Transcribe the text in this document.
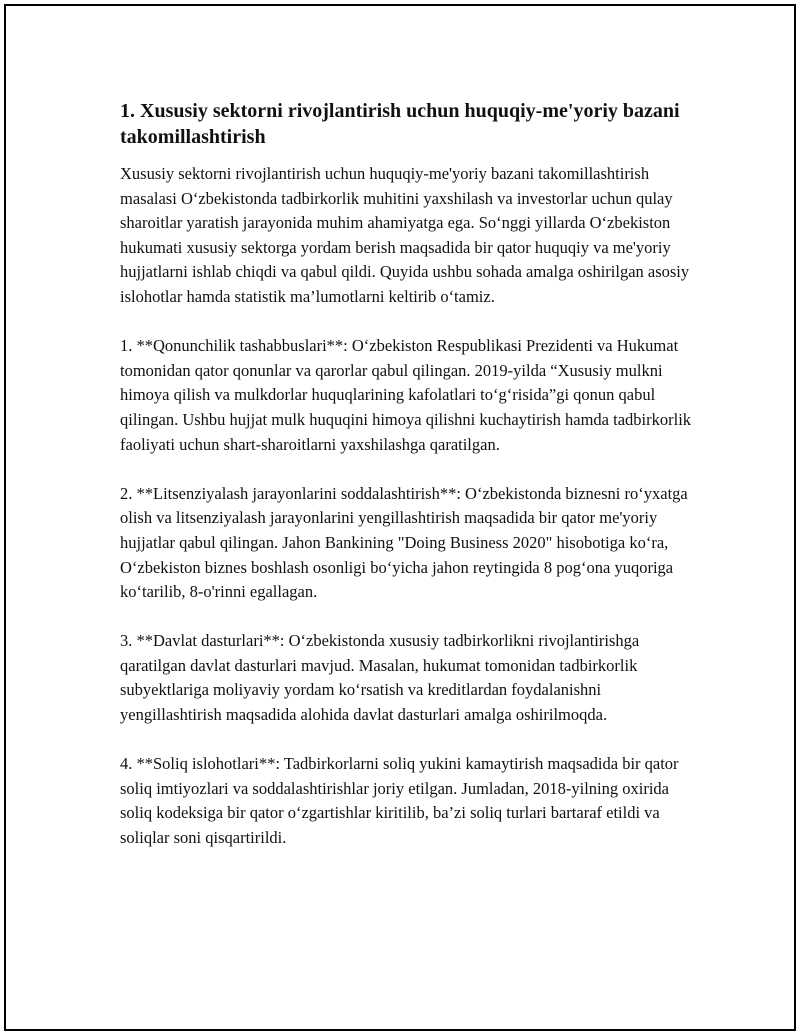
1. Xususiy sektorni rivojlantirish uchun huquqiy-me'yoriy bazani takomillashtirish

Xususiy sektorni rivojlantirish uchun huquqiy-me'yoriy bazani takomillashtirish masalasi O‘zbekistonda tadbirkorlik muhitini yaxshilash va investorlar uchun qulay sharoitlar yaratish jarayonida muhim ahamiyatga ega. So‘nggi yillarda O‘zbekiston hukumati xususiy sektorga yordam berish maqsadida bir qator huquqiy va me'yoriy hujjatlarni ishlab chiqdi va qabul qildi. Quyida ushbu sohada amalga oshirilgan asosiy islohotlar hamda statistik ma’lumotlarni keltirib o‘tamiz.

1. **Qonunchilik tashabbuslari**: O‘zbekiston Respublikasi Prezidenti va Hukumat tomonidan qator qonunlar va qarorlar qabul qilingan. 2019-yilda “Xususiy mulkni himoya qilish va mulkdorlar huquqlarining kafolatlari to‘g‘risida”gi qonun qabul qilingan. Ushbu hujjat mulk huquqini himoya qilishni kuchaytirish hamda tadbirkorlik faoliyati uchun shart-sharoitlarni yaxshilashga qaratilgan.

2. **Litsenziyalash jarayonlarini soddalashtirish**: O‘zbekistonda biznesni ro‘yxatga olish va litsenziyalash jarayonlarini yengillashtirish maqsadida bir qator me'yoriy hujjatlar qabul qilingan. Jahon Bankining "Doing Business 2020" hisobotiga ko‘ra, O‘zbekiston biznes boshlash osonligi bo‘yicha jahon reytingida 8 pog‘ona yuqoriga ko‘tarilib, 8-o'rinni egallagan.

3. **Davlat dasturlari**: O‘zbekistonda xususiy tadbirkorlikni rivojlantirishga qaratilgan davlat dasturlari mavjud. Masalan, hukumat tomonidan tadbirkorlik subyektlariga moliyaviy yordam ko‘rsatish va kreditlardan foydalanishni yengillashtirish maqsadida alohida davlat dasturlari amalga oshirilmoqda.

4. **Soliq islohotlari**: Tadbirkorlarni soliq yukini kamaytirish maqsadida bir qator soliq imtiyozlari va soddalashtirishlar joriy etilgan. Jumladan, 2018-yilning oxirida soliq kodeksiga bir qator o‘zgartishlar kiritilib, ba’zi soliq turlari bartaraf etildi va soliqlar soni qisqartirildi.
